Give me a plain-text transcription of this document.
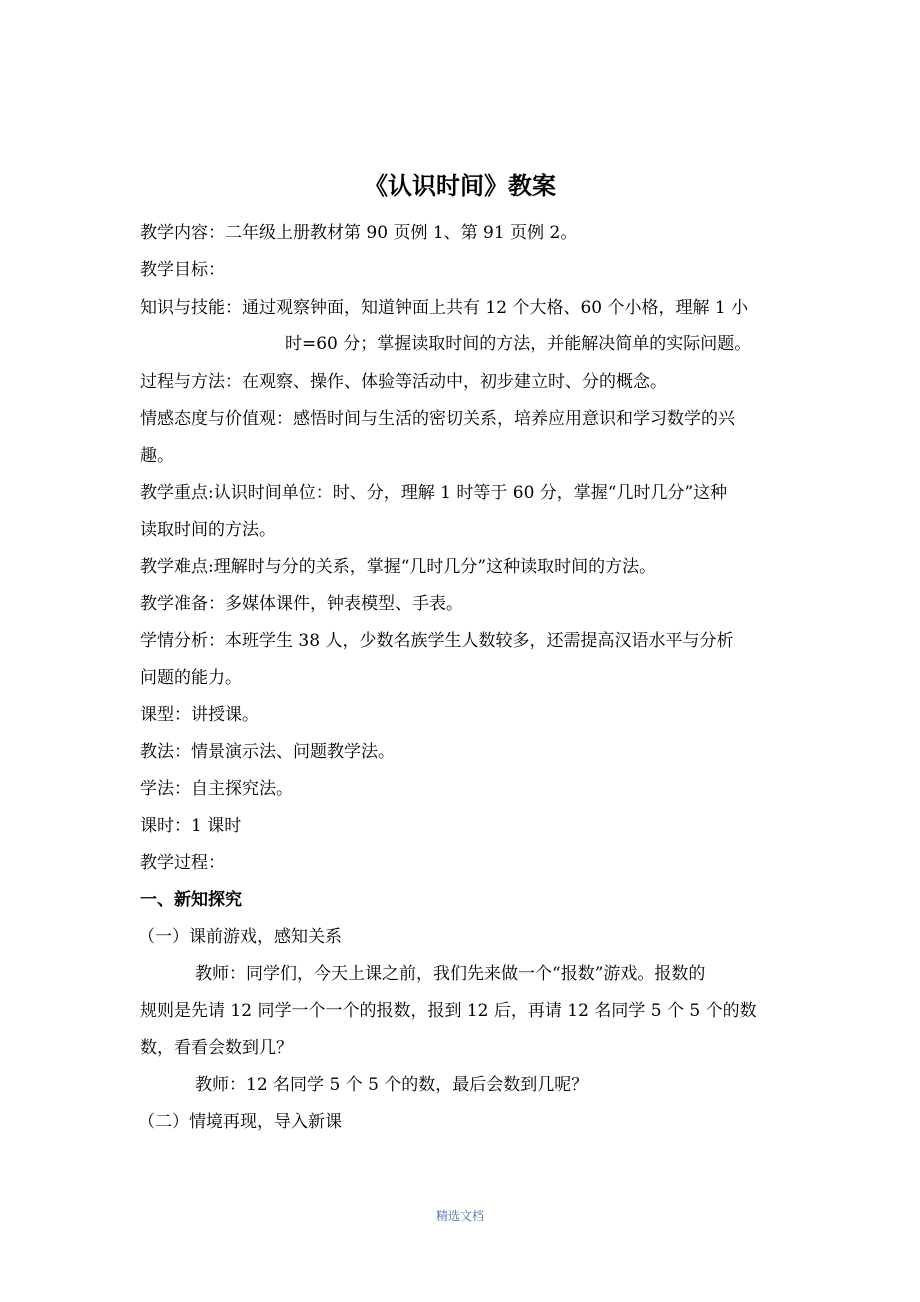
《认识时间》教案
教学内容：二年级上册教材第 90 页例 1、第 91 页例 2。
教学目标：
知识与技能：通过观察钟面，知道钟面上共有 12 个大格、60 个小格，理解 1 小
时=60 分；掌握读取时间的方法，并能解决简单的实际问题。
过程与方法：在观察、操作、体验等活动中，初步建立时、分的概念。
情感态度与价值观：感悟时间与生活的密切关系，培养应用意识和学习数学的兴
趣。
教学重点:认识时间单位：时、分，理解 1 时等于 60 分，掌握“几时几分”这种
读取时间的方法。
教学难点:理解时与分的关系，掌握“几时几分”这种读取时间的方法。
教学准备：多媒体课件，钟表模型、手表。
学情分析：本班学生 38 人，少数名族学生人数较多，还需提高汉语水平与分析
问题的能力。
课型：讲授课。
教法：情景演示法、问题教学法。
学法：自主探究法。
课时：1 课时
教学过程：
一、新知探究
（一）课前游戏，感知关系
教师：同学们，今天上课之前，我们先来做一个“报数”游戏。报数的
规则是先请 12 同学一个一个的报数，报到 12 后，再请 12 名同学 5 个 5 个的数
数，看看会数到几？
教师：12 名同学 5 个 5 个的数，最后会数到几呢？
（二）情境再现，导入新课
精选文档
